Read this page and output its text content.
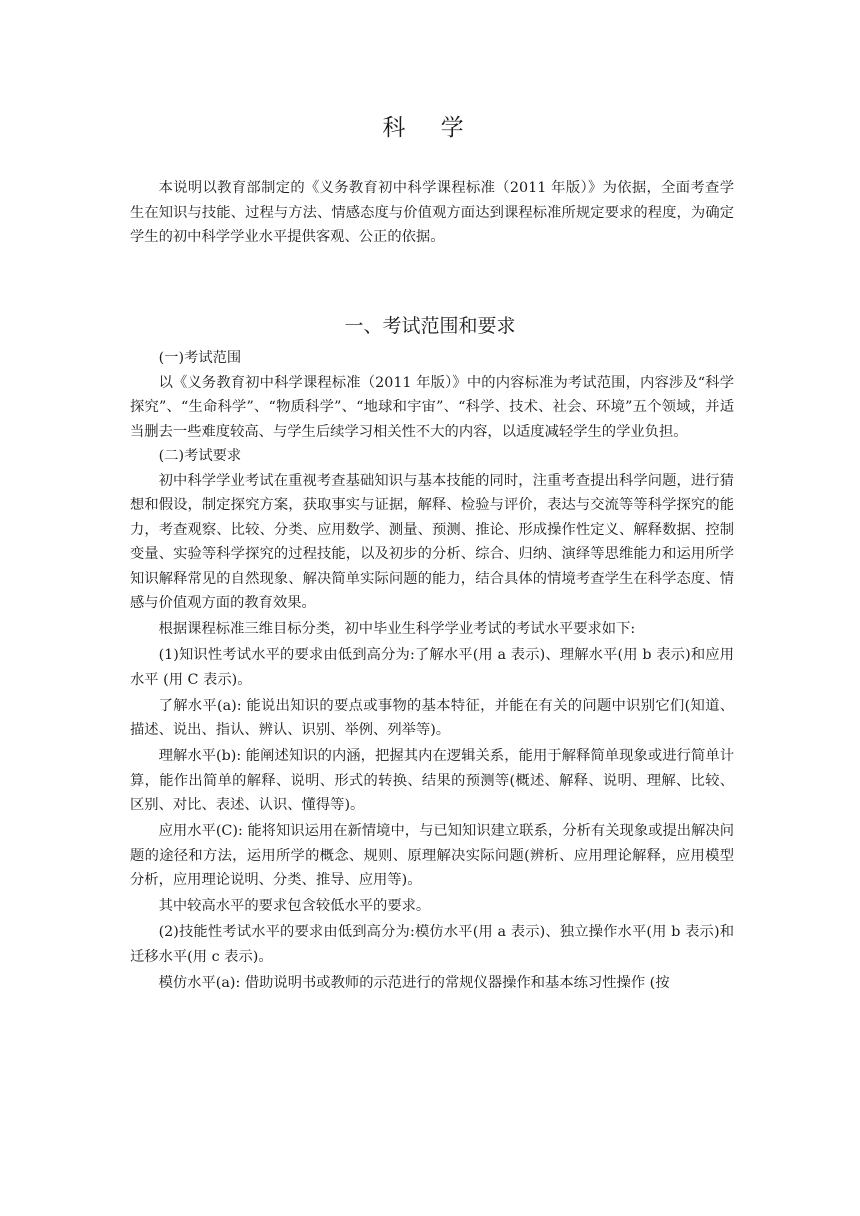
科 学

本说明以教育部制定的《义务教育初中科学课程标准（2011 年版）》为依据，全面考查学生在知识与技能、过程与方法、情感态度与价值观方面达到课程标准所规定要求的程度，为确定学生的初中科学学业水平提供客观、公正的依据。

一、考试范围和要求

(一)考试范围

以《义务教育初中科学课程标准（2011 年版）》中的内容标准为考试范围，内容涉及“科学探究”、“生命科学”、“物质科学”、“地球和宇宙”、“科学、技术、社会、环境”五个领域，并适当删去一些难度较高、与学生后续学习相关性不大的内容，以适度减轻学生的学业负担。

(二)考试要求

初中科学学业考试在重视考查基础知识与基本技能的同时，注重考查提出科学问题，进行猜想和假设，制定探究方案，获取事实与证据，解释、检验与评价，表达与交流等等科学探究的能力，考查观察、比较、分类、应用数学、测量、预测、推论、形成操作性定义、解释数据、控制变量、实验等科学探究的过程技能，以及初步的分析、综合、归纳、演绎等思维能力和运用所学知识解释常见的自然现象、解决简单实际问题的能力，结合具体的情境考查学生在科学态度、情感与价值观方面的教育效果。

根据课程标准三维目标分类，初中毕业生科学学业考试的考试水平要求如下:

(1)知识性考试水平的要求由低到高分为:了解水平(用 a 表示)、理解水平(用 b 表示)和应用水平 (用 C 表示)。

了解水平(a): 能说出知识的要点或事物的基本特征，并能在有关的问题中识别它们(知道、描述、说出、指认、辨认、识别、举例、列举等)。

理解水平(b): 能阐述知识的内涵，把握其内在逻辑关系，能用于解释简单现象或进行简单计算，能作出简单的解释、说明、形式的转换、结果的预测等(概述、解释、说明、理解、比较、区别、对比、表述、认识、懂得等)。

应用水平(C): 能将知识运用在新情境中，与已知知识建立联系，分析有关现象或提出解决问题的途径和方法，运用所学的概念、规则、原理解决实际问题(辨析、应用理论解释，应用模型分析，应用理论说明、分类、推导、应用等)。

其中较高水平的要求包含较低水平的要求。

(2)技能性考试水平的要求由低到高分为:模仿水平(用 a 表示)、独立操作水平(用 b 表示)和迁移水平(用 c 表示)。

模仿水平(a): 借助说明书或教师的示范进行的常规仪器操作和基本练习性操作 (按
